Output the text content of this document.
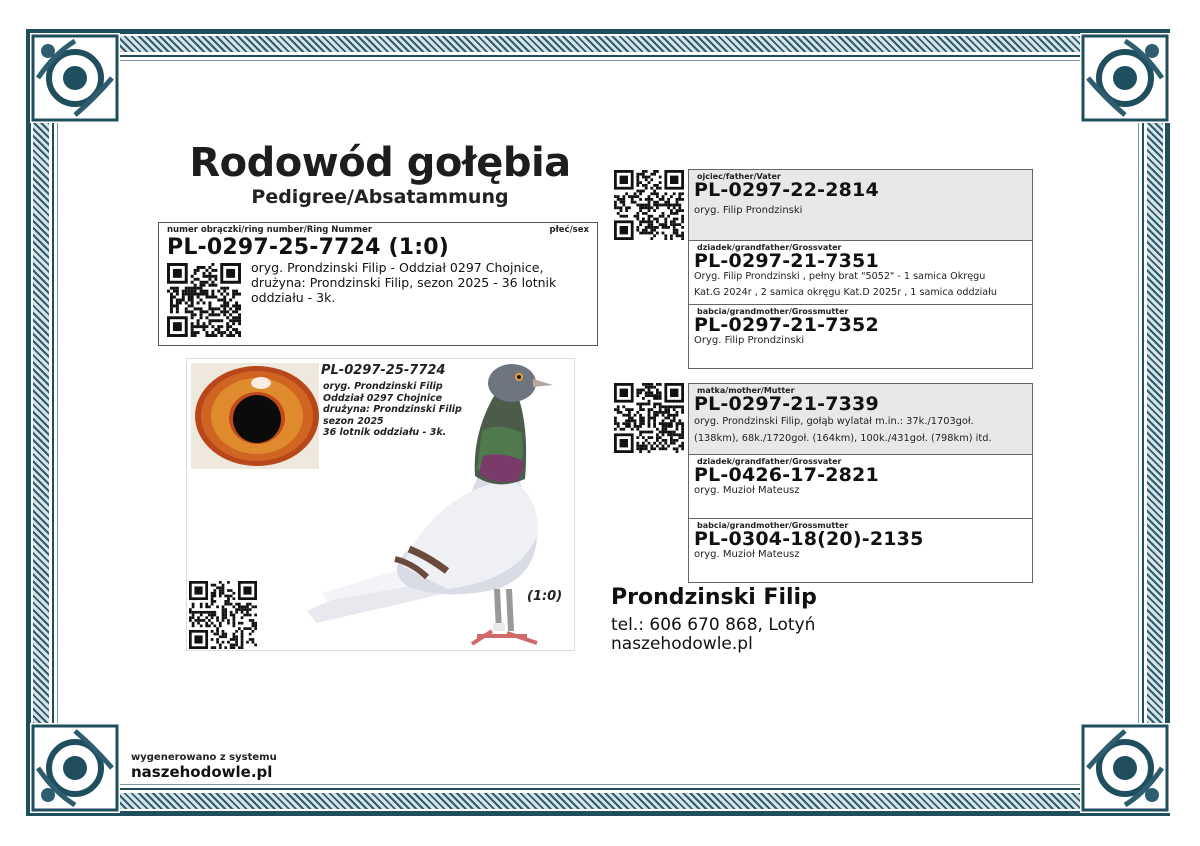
Rodowód gołębia
Pedigree/Absatammung
numer obrączki/ring number/Ring Nummer	płeć/sex
PL-0297-25-7724 (1:0)
oryg. Prondzinski Filip - Oddział 0297 Chojnice, drużyna: Prondzinski Filip, sezon 2025 - 36 lotnik oddziału - 3k.
PL-0297-25-7724
oryg. Prondzinski Filip
Oddział 0297 Chojnice
drużyna: Prondzinski Filip
sezon 2025
36 lotnik oddziału - 3k.
(1:0)
ojciec/father/Vater
PL-0297-22-2814
oryg. Filip Prondzinski
dziadek/grandfather/Grossvater
PL-0297-21-7351
Oryg. Filip Prondzinski , pełny brat "5052" - 1 samica Okręgu
Kat.G 2024r , 2 samica okręgu Kat.D 2025r , 1 samica oddziału
babcia/grandmother/Grossmutter
PL-0297-21-7352
Oryg. Filip Prondzinski
matka/mother/Mutter
PL-0297-21-7339
oryg. Prondzinski Filip, gołąb wylatał m.in.: 37k./1703goł.
(138km), 68k./1720goł. (164km), 100k./431goł. (798km) itd.
dziadek/grandfather/Grossvater
PL-0426-17-2821
oryg. Muzioł Mateusz
babcia/grandmother/Grossmutter
PL-0304-18(20)-2135
oryg. Muzioł Mateusz
Prondzinski Filip
tel.: 606 670 868, Lotyń
naszehodowle.pl
wygenerowano z systemu
naszehodowle.pl
